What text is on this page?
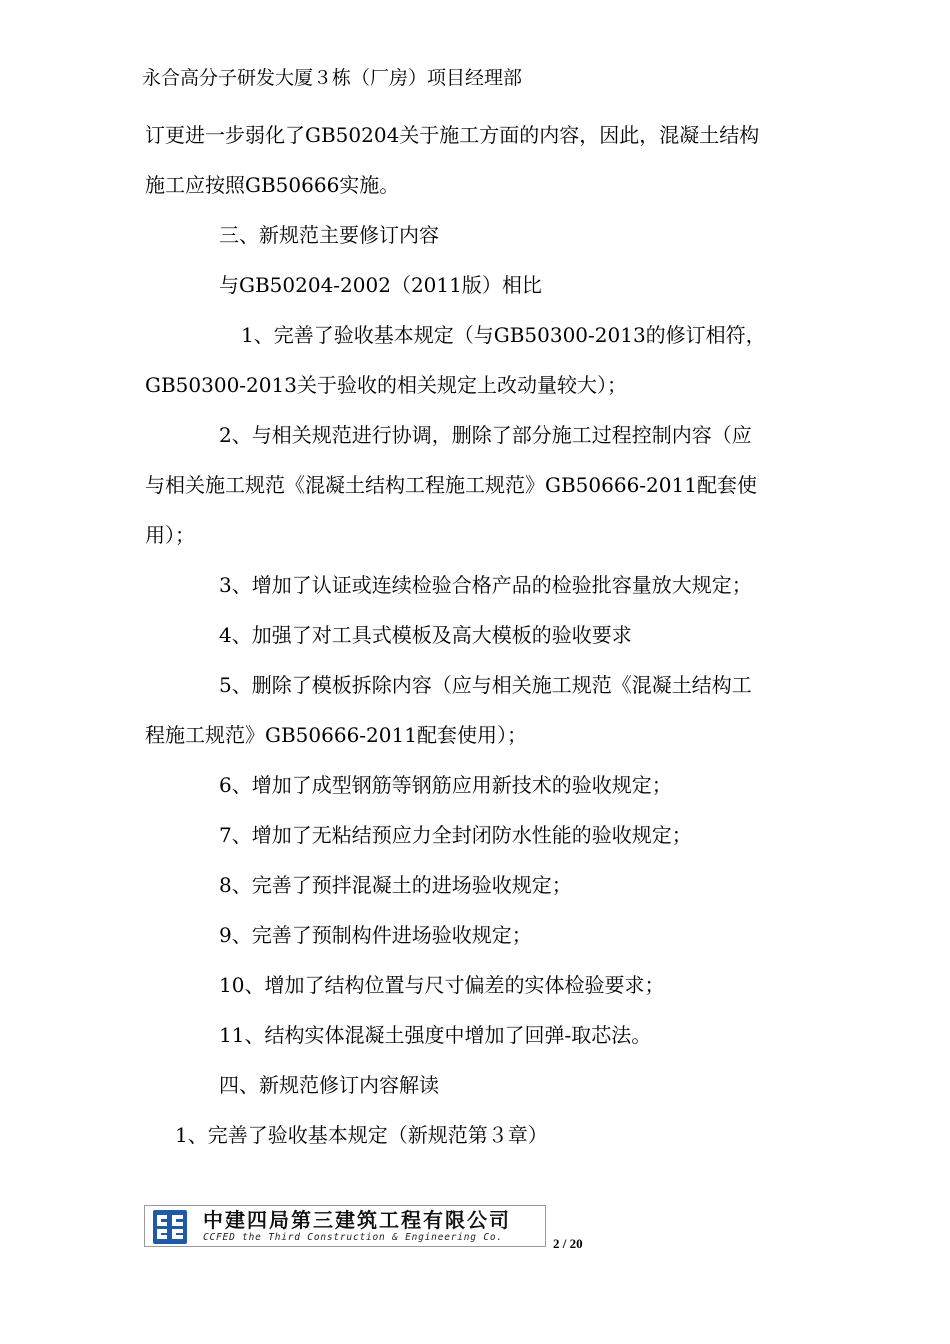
永合高分子研发大厦３栋（厂房）项目经理部
订更进一步弱化了GB50204关于施工方面的内容，因此，混凝土结构
施工应按照GB50666实施。
三、新规范主要修订内容
与GB50204-2002（2011版）相比
1、完善了验收基本规定（与GB50300-2013的修订相符，
GB50300-2013关于验收的相关规定上改动量较大）；
2、与相关规范进行协调，删除了部分施工过程控制内容（应
与相关施工规范《混凝土结构工程施工规范》GB50666-2011配套使
用）；
3、增加了认证或连续检验合格产品的检验批容量放大规定；
4、加强了对工具式模板及高大模板的验收要求
5、删除了模板拆除内容（应与相关施工规范《混凝土结构工
程施工规范》GB50666-2011配套使用）；
6、增加了成型钢筋等钢筋应用新技术的验收规定；
7、增加了无粘结预应力全封闭防水性能的验收规定；
8、完善了预拌混凝土的进场验收规定；
9、完善了预制构件进场验收规定；
10、增加了结构位置与尺寸偏差的实体检验要求；
11、结构实体混凝土强度中增加了回弹-取芯法。
四、新规范修订内容解读
1、完善了验收基本规定（新规范第３章）
中建四局第三建筑工程有限公司
CCFED the Third Construction & Engineering Co.	2 / 20
